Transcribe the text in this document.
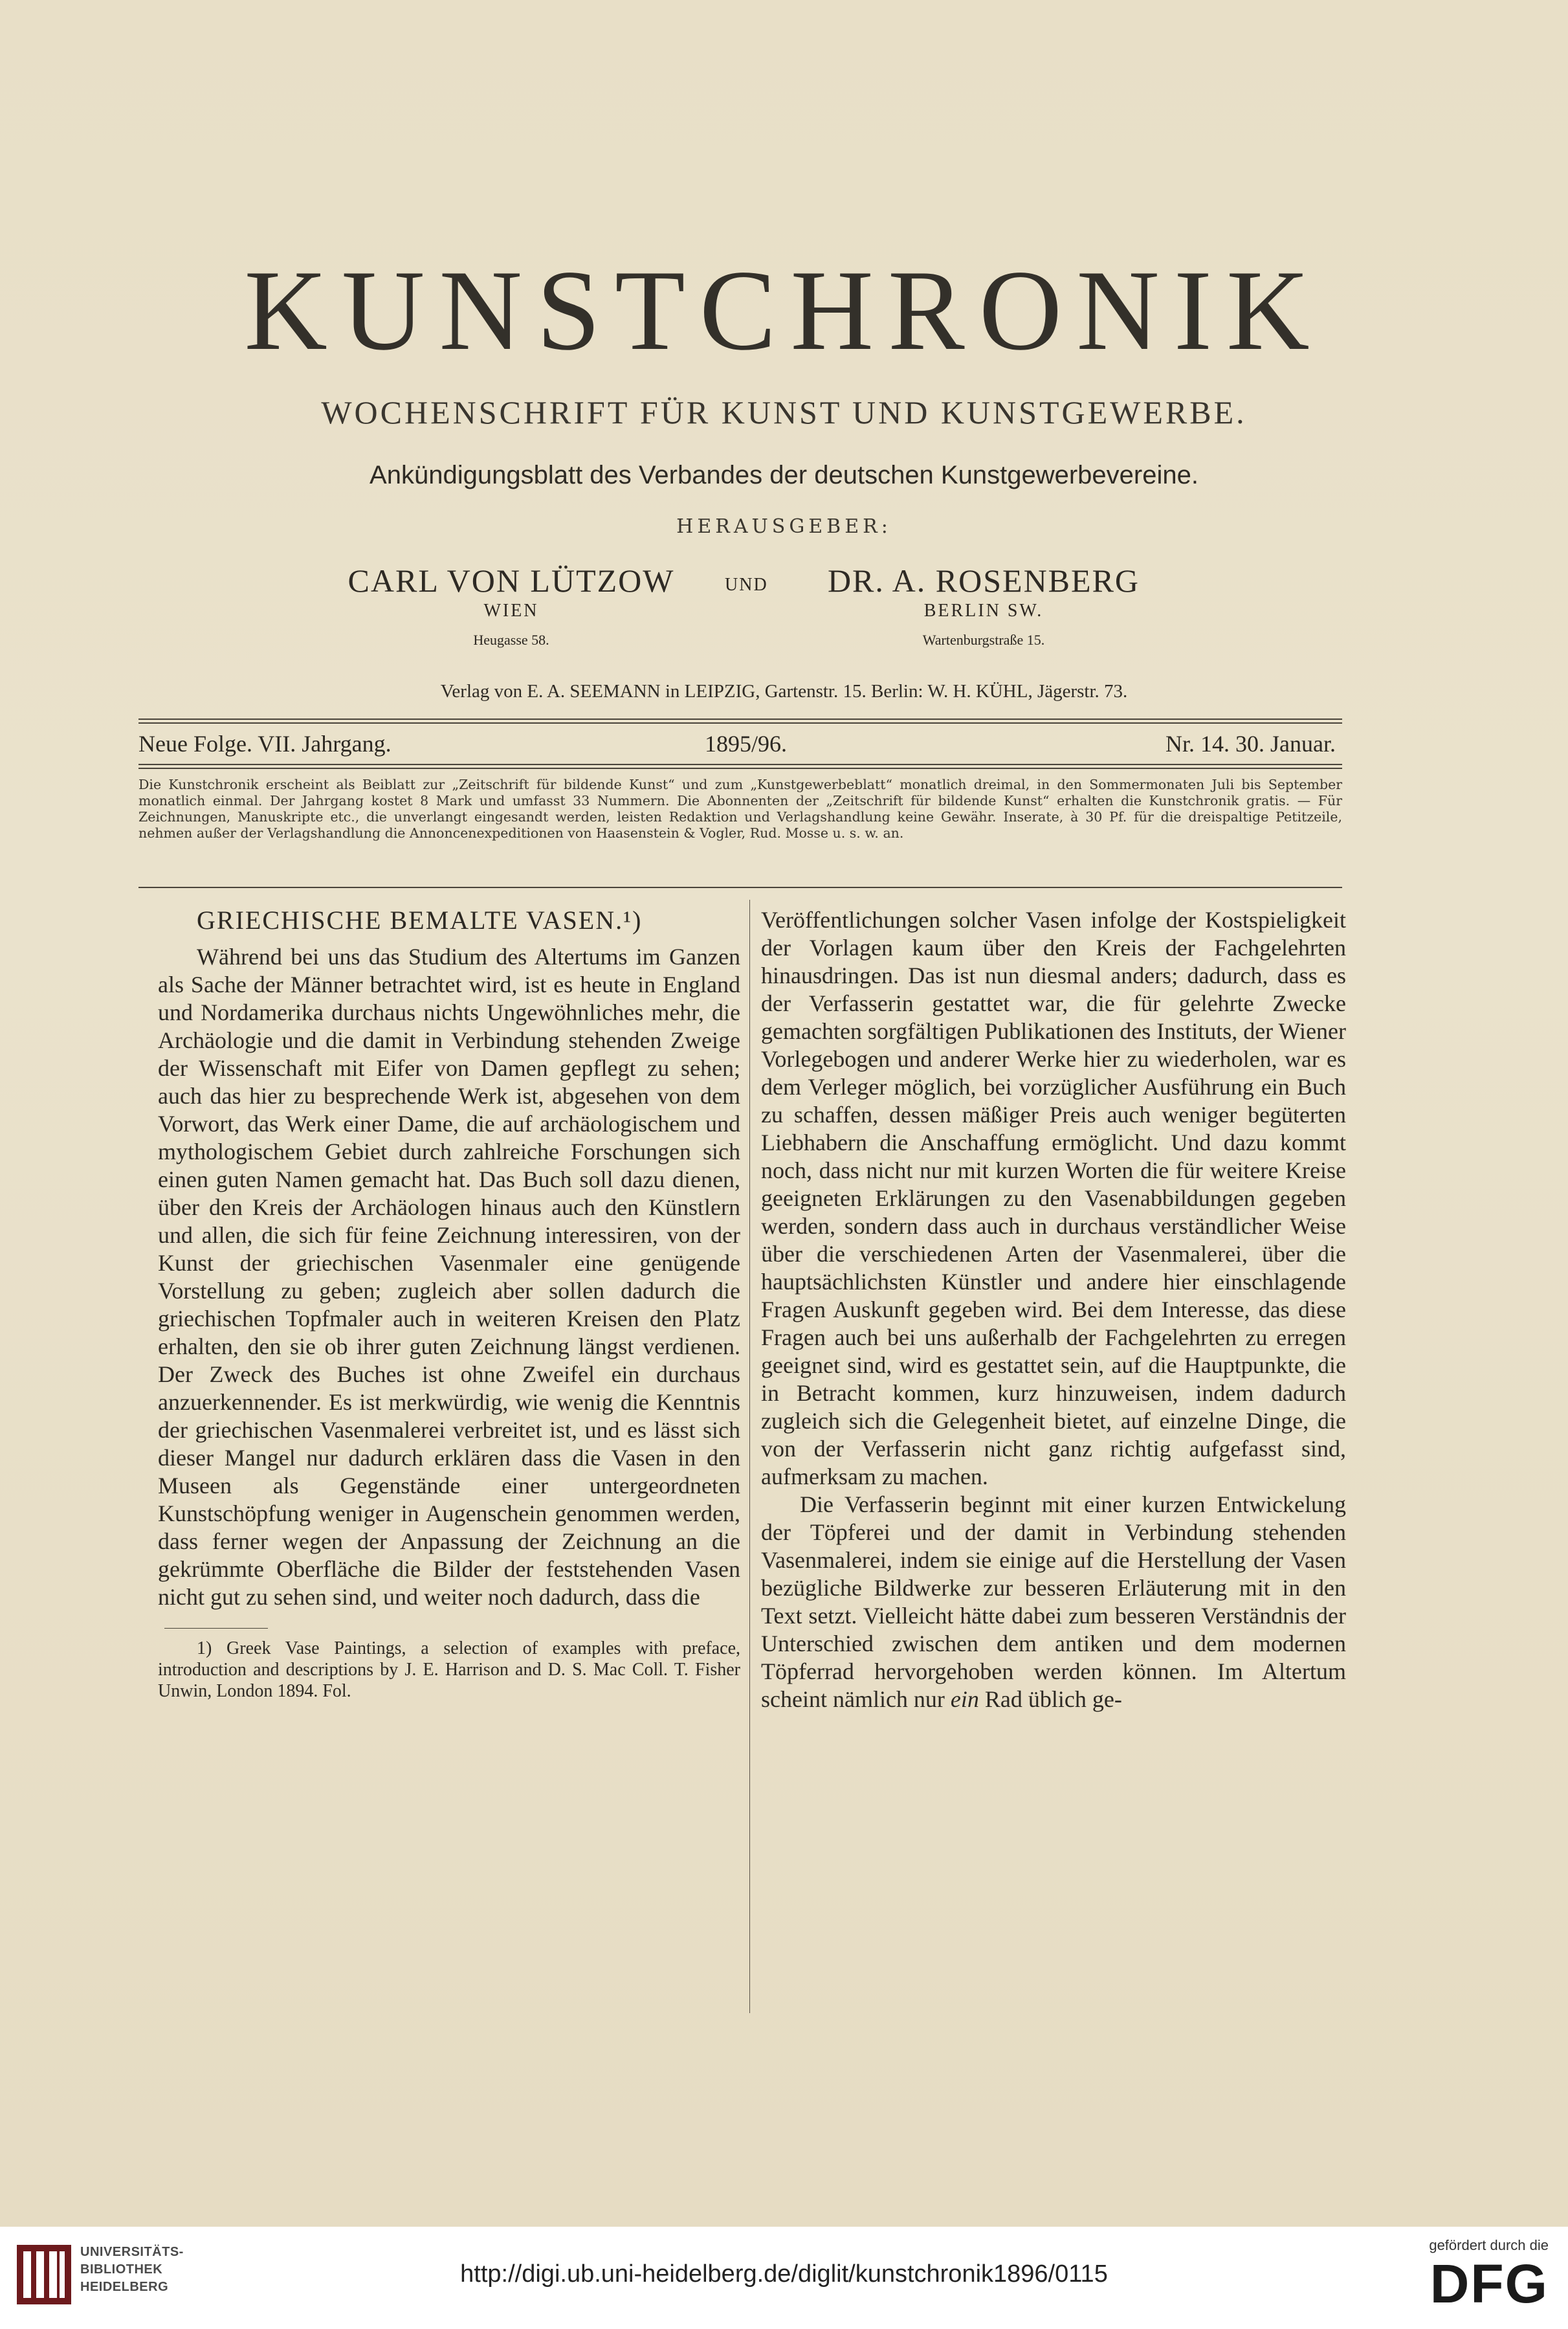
KUNSTCHRONIK
WOCHENSCHRIFT FÜR KUNST UND KUNSTGEWERBE.
Ankündigungsblatt des Verbandes der deutschen Kunstgewerbevereine.
HERAUSGEBER:
CARL VON LÜTZOW
WIEN
Heugasse 58.
UND	DR. A. ROSENBERG
BERLIN SW.
Wartenburgstraße 15.
Verlag von E. A. SEEMANN in LEIPZIG, Gartenstr. 15. Berlin: W. H. KÜHL, Jägerstr. 73.
Neue Folge. VII. Jahrgang.	1895/96.	Nr. 14. 30. Januar.
Die Kunstchronik erscheint als Beiblatt zur „Zeitschrift für bildende Kunst“ und zum „Kunstgewerbeblatt“ monatlich dreimal, in den Sommermonaten Juli bis September monatlich einmal. Der Jahrgang kostet 8 Mark und umfasst 33 Nummern. Die Abonnenten der „Zeitschrift für bildende Kunst“ erhalten die Kunstchronik gratis. — Für Zeichnungen, Manuskripte etc., die unverlangt eingesandt werden, leisten Redaktion und Verlagshandlung keine Gewähr. Inserate, à 30 Pf. für die dreispaltige Petitzeile, nehmen außer der Verlagshandlung die Annoncenexpeditionen von Haasenstein & Vogler, Rud. Mosse u. s. w. an.
GRIECHISCHE BEMALTE VASEN.¹)

Während bei uns das Studium des Altertums im Ganzen als Sache der Männer betrachtet wird, ist es heute in England und Nordamerika durchaus nichts Ungewöhnliches mehr, die Archäologie und die damit in Verbindung stehenden Zweige der Wissenschaft mit Eifer von Damen gepflegt zu sehen; auch das hier zu besprechende Werk ist, abgesehen von dem Vorwort, das Werk einer Dame, die auf archäologischem und mythologischem Gebiet durch zahlreiche Forschungen sich einen guten Namen gemacht hat. Das Buch soll dazu dienen, über den Kreis der Archäologen hinaus auch den Künstlern und allen, die sich für feine Zeichnung interessiren, von der Kunst der griechischen Vasenmaler eine genügende Vorstellung zu geben; zugleich aber sollen dadurch die griechischen Topfmaler auch in weiteren Kreisen den Platz erhalten, den sie ob ihrer guten Zeichnung längst verdienen. Der Zweck des Buches ist ohne Zweifel ein durchaus anzuerkennender. Es ist merkwürdig, wie wenig die Kenntnis der griechischen Vasenmalerei verbreitet ist, und es lässt sich dieser Mangel nur dadurch erklären dass die Vasen in den Museen als Gegenstände einer untergeordneten Kunstschöpfung weniger in Augenschein genommen werden, dass ferner wegen der Anpassung der Zeichnung an die gekrümmte Oberfläche die Bilder der feststehenden Vasen nicht gut zu sehen sind, und weiter noch dadurch, dass die

1) Greek Vase Paintings, a selection of examples with preface, introduction and descriptions by J. E. Harrison and D. S. Mac Coll. T. Fisher Unwin, London 1894. Fol.

Veröffentlichungen solcher Vasen infolge der Kostspieligkeit der Vorlagen kaum über den Kreis der Fachgelehrten hinausdringen. Das ist nun diesmal anders; dadurch, dass es der Verfasserin gestattet war, die für gelehrte Zwecke gemachten sorgfältigen Publikationen des Instituts, der Wiener Vorlegebogen und anderer Werke hier zu wiederholen, war es dem Verleger möglich, bei vorzüglicher Ausführung ein Buch zu schaffen, dessen mäßiger Preis auch weniger begüterten Liebhabern die Anschaffung ermöglicht. Und dazu kommt noch, dass nicht nur mit kurzen Worten die für weitere Kreise geeigneten Erklärungen zu den Vasenabbildungen gegeben werden, sondern dass auch in durchaus verständlicher Weise über die verschiedenen Arten der Vasenmalerei, über die hauptsächlichsten Künstler und andere hier einschlagende Fragen Auskunft gegeben wird. Bei dem Interesse, das diese Fragen auch bei uns außerhalb der Fachgelehrten zu erregen geeignet sind, wird es gestattet sein, auf die Hauptpunkte, die in Betracht kommen, kurz hinzuweisen, indem dadurch zugleich sich die Gelegenheit bietet, auf einzelne Dinge, die von der Verfasserin nicht ganz richtig aufgefasst sind, aufmerksam zu machen.

Die Verfasserin beginnt mit einer kurzen Entwickelung der Töpferei und der damit in Verbindung stehenden Vasenmalerei, indem sie einige auf die Herstellung der Vasen bezügliche Bildwerke zur besseren Erläuterung mit in den Text setzt. Vielleicht hätte dabei zum besseren Verständnis der Unterschied zwischen dem antiken und dem modernen Töpferrad hervorgehoben werden können. Im Altertum scheint nämlich nur ein Rad üblich ge-

UNIVERSITÄTS-
BIBLIOTHEK
HEIDELBERG	http://digi.ub.uni-heidelberg.de/diglit/kunstchronik1896/0115
gefördert durch die
DFG
